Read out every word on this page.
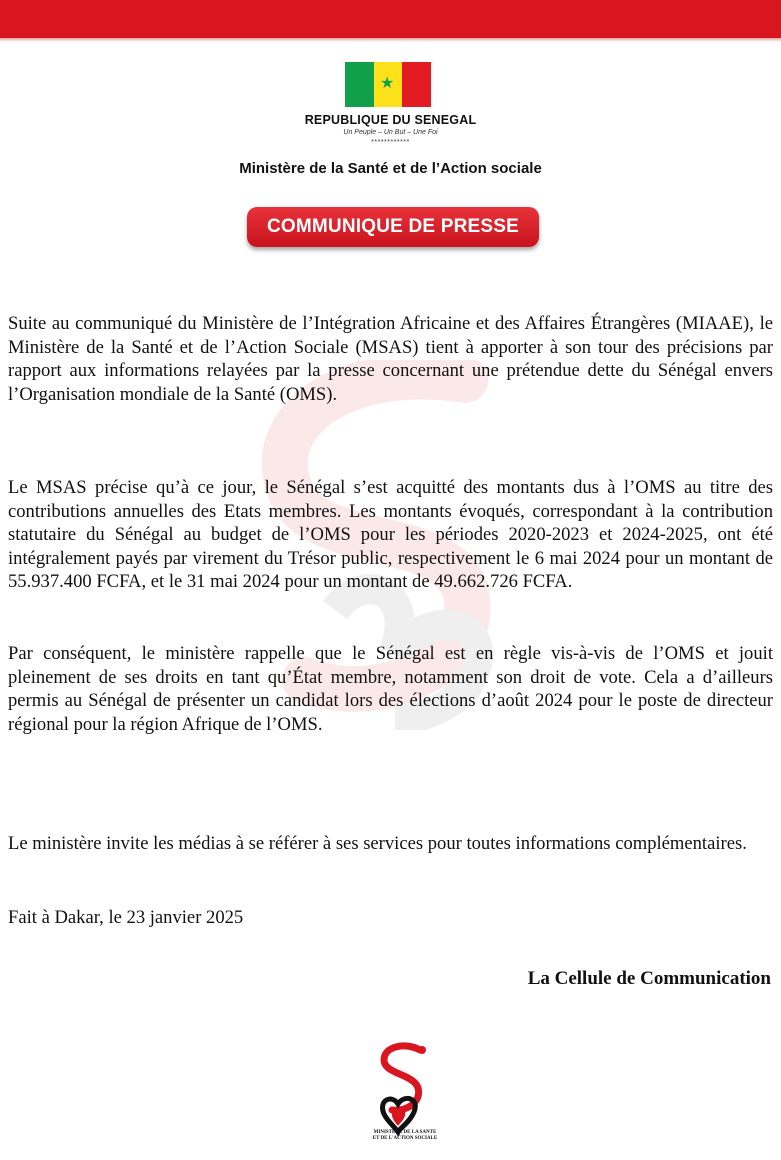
★
REPUBLIQUE DU SENEGAL
Un Peuple – Un But – Une Foi
************
Ministère de la Santé et de l’Action sociale
COMMUNIQUE DE PRESSE

Suite au communiqué du Ministère de l’Intégration Africaine et des Affaires Étrangères (MIAAE), le Ministère de la Santé et de l’Action Sociale (MSAS) tient à apporter à son tour des précisions par rapport aux informations relayées par la presse concernant une prétendue dette du Sénégal envers l’Organisation mondiale de la Santé (OMS).

Le MSAS précise qu’à ce jour, le Sénégal s’est acquitté des montants dus à l’OMS au titre des contributions annuelles des Etats membres. Les montants évoqués, correspondant à la contribution statutaire du Sénégal au budget de l’OMS pour les périodes 2020-2023 et 2024-2025, ont été intégralement payés par virement du Trésor public, respectivement le 6 mai 2024 pour un montant de 55.937.400 FCFA, et le 31 mai 2024 pour un montant de 49.662.726 FCFA.

Par conséquent, le ministère rappelle que le Sénégal est en règle vis-à-vis de l’OMS et jouit pleinement de ses droits en tant qu’État membre, notamment son droit de vote. Cela a d’ailleurs permis au Sénégal de présenter un candidat lors des élections d’août 2024 pour le poste de directeur régional pour la région Afrique de l’OMS.

Le ministère invite les médias à se référer à ses services pour toutes informations complémentaires.

Fait à Dakar, le 23 janvier 2025

La Cellule de Communication
MINISTERE DE LA SANTE
ET DE L'ACTION SOCIALE
